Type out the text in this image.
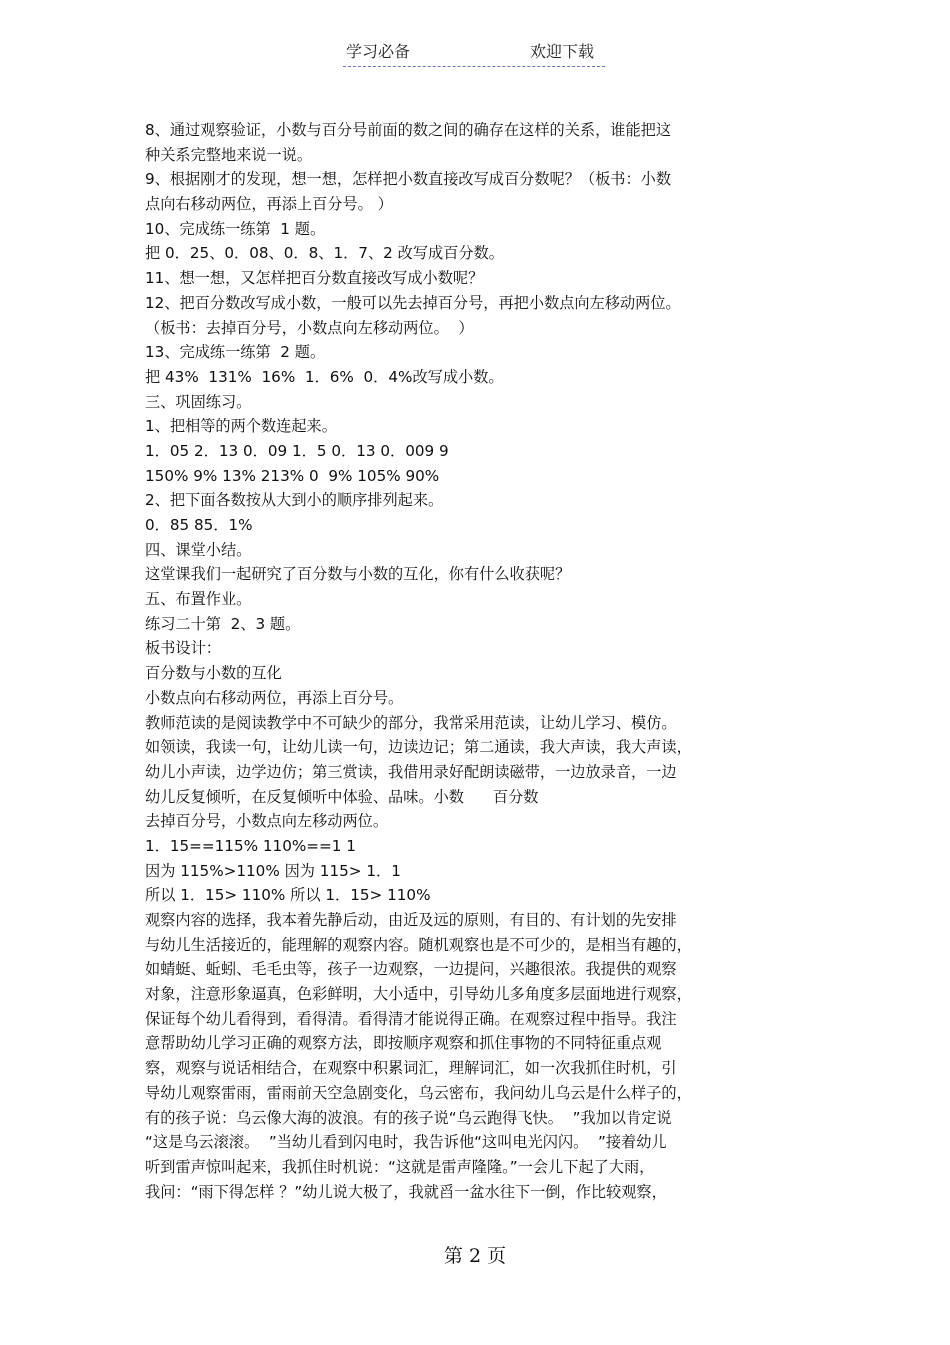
学习必备	欢迎下载
8、通过观察验证，小数与百分号前面的数之间的确存在这样的关系，谁能把这
种关系完整地来说一说。
9、根据刚才的发现，想一想，怎样把小数直接改写成百分数呢？（板书：小数
点向右移动两位，再添上百分号。 ）
10、完成练一练第  1 题。
把 0．25、0．08、0．8、1．7、2 改写成百分数。
11、想一想，又怎样把百分数直接改写成小数呢？
12、把百分数改写成小数，一般可以先去掉百分号，再把小数点向左移动两位。
（板书：去掉百分号，小数点向左移动两位。  ）
13、完成练一练第  2 题。
把 43%  131%  16%  1．6%  0．4%改写成小数。
三、巩固练习。
1、把相等的两个数连起来。
1．05 2．13 0．09 1．5 0．13 0．009 9
150% 9% 13% 213% 0  9% 105% 90%
2、把下面各数按从大到小的顺序排列起来。
0．85 85．1%
四、课堂小结。
这堂课我们一起研究了百分数与小数的互化，你有什么收获呢？
五、布置作业。
练习二十第  2、3 题。
板书设计：
百分数与小数的互化
小数点向右移动两位，再添上百分号。
教师范读的是阅读教学中不可缺少的部分，我常采用范读，让幼儿学习、模仿。
如领读，我读一句，让幼儿读一句，边读边记；第二通读，我大声读，我大声读，
幼儿小声读，边学边仿；第三赏读，我借用录好配朗读磁带，一边放录音，一边
幼儿反复倾听，在反复倾听中体验、品味。小数      百分数
去掉百分号，小数点向左移动两位。
1．15==115% 110%==1 1
因为 115%>110% 因为 115> 1．1
所以 1．15> 110% 所以 1．15> 110%
观察内容的选择，我本着先静后动，由近及远的原则，有目的、有计划的先安排
与幼儿生活接近的，能理解的观察内容。随机观察也是不可少的，是相当有趣的，
如蜻蜓、蚯蚓、毛毛虫等，孩子一边观察，一边提问，兴趣很浓。我提供的观察
对象，注意形象逼真，色彩鲜明，大小适中，引导幼儿多角度多层面地进行观察，
保证每个幼儿看得到，看得清。看得清才能说得正确。在观察过程中指导。我注
意帮助幼儿学习正确的观察方法，即按顺序观察和抓住事物的不同特征重点观
察，观察与说话相结合，在观察中积累词汇，理解词汇，如一次我抓住时机，引
导幼儿观察雷雨，雷雨前天空急剧变化，乌云密布，我问幼儿乌云是什么样子的，
有的孩子说：乌云像大海的波浪。有的孩子说“乌云跑得飞快。  ”我加以肯定说
“这是乌云滚滚。  ”当幼儿看到闪电时，我告诉他“这叫电光闪闪。  ”接着幼儿
听到雷声惊叫起来，我抓住时机说：“这就是雷声隆隆。”一会儿下起了大雨，
我问：“雨下得怎样 ？”幼儿说大极了，我就舀一盆水往下一倒，作比较观察，
第 2 页
